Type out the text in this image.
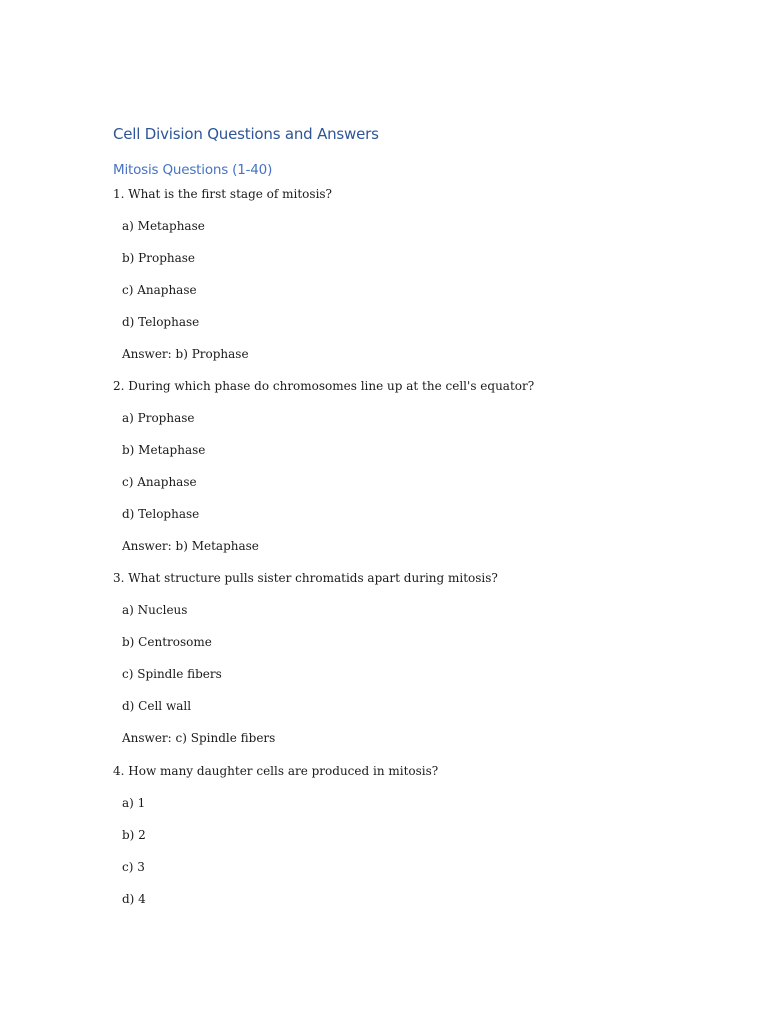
Cell Division Questions and Answers
Mitosis Questions (1-40)
1. What is the first stage of mitosis?
a) Metaphase
b) Prophase
c) Anaphase
d) Telophase
Answer: b) Prophase
2. During which phase do chromosomes line up at the cell's equator?
a) Prophase
b) Metaphase
c) Anaphase
d) Telophase
Answer: b) Metaphase
3. What structure pulls sister chromatids apart during mitosis?
a) Nucleus
b) Centrosome
c) Spindle fibers
d) Cell wall
Answer: c) Spindle fibers
4. How many daughter cells are produced in mitosis?
a) 1
b) 2
c) 3
d) 4
